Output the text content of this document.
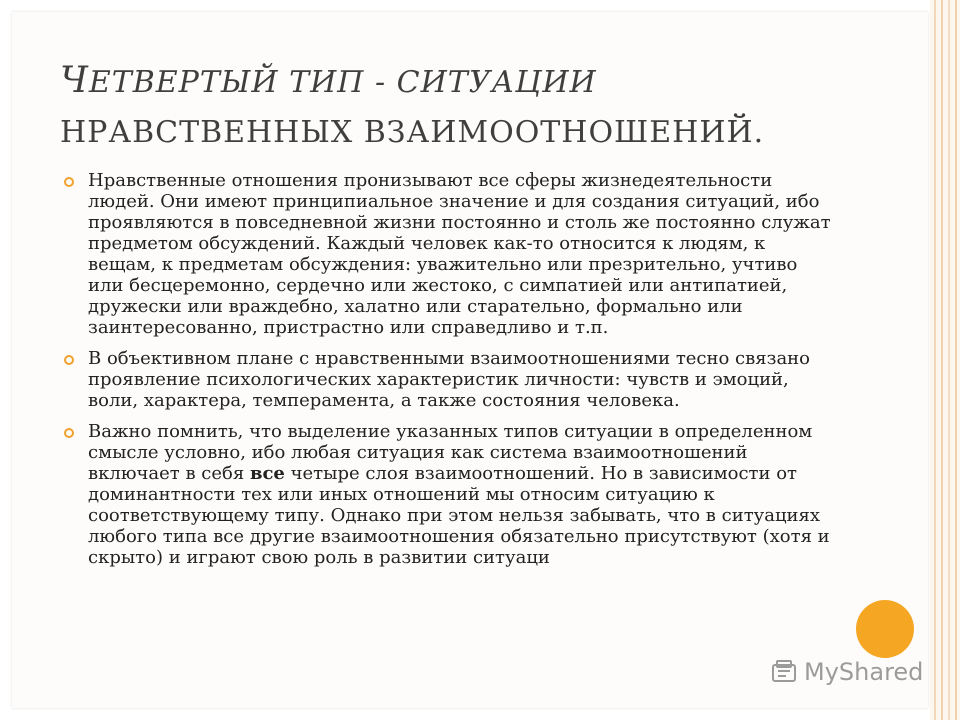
ЧЕТВЕРТЫЙ ТИП - СИТУАЦИИ
НРАВСТВЕННЫХ ВЗАИМООТНОШЕНИЙ.
Нравственные отношения пронизывают все сферы жизнедеятельности людей. Они имеют принципиальное значение и для создания ситуаций, ибо проявляются в повседневной жизни постоянно и столь же постоянно служат предметом обсуждений. Каждый человек как-то относится к людям, к вещам, к предметам обсуждения: уважительно или презрительно, учтиво или бесцеремонно, сердечно или жестоко, с симпатией или антипатией, дружески или враждебно, халатно или старательно, формально или заинтересованно, пристрастно или справедливо и т.п.
В объективном плане с нравственными взаимоотношениями тесно связано проявление психологических характеристик личности: чувств и эмоций, воли, характера, темперамента, а также состояния человека.
Важно помнить, что выделение указанных типов ситуации в определенном смысле условно, ибо любая ситуация как система взаимоотношений включает в себя все четыре слоя взаимоотношений. Но в зависимости от доминантности тех или иных отношений мы относим ситуацию к соответствующему типу. Однако при этом нельзя забывать, что в ситуациях любого типа все другие взаимоотношения обязательно присутствуют (хотя и скрыто) и играют свою роль в развитии ситуаци
MyShared
